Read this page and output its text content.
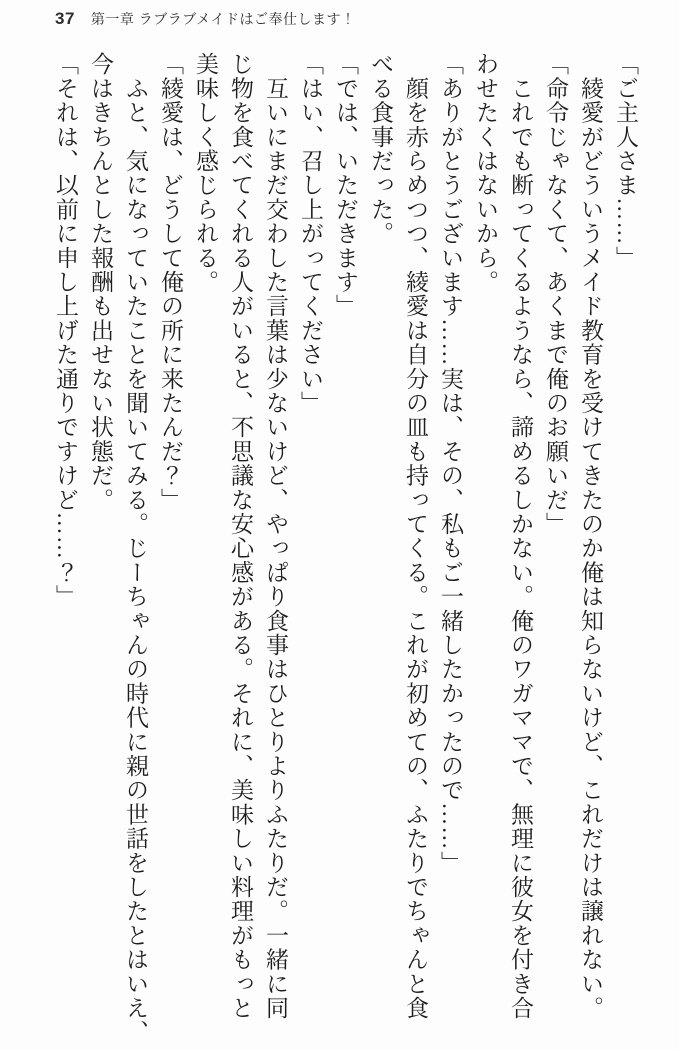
37 第一章 ラブラブメイドはご奉仕します！

「ご主人さま……」

　綾愛がどういうメイド教育を受けてきたのか俺は知らないけど、これだけは譲れない。

「命令じゃなくて、あくまで俺のお願いだ」

　これでも断ってくるようなら、諦めるしかない。俺のワガママで、無理に彼女を付き合

わせたくはないから。

「ありがとうございます……実は、その、私もご一緒したかったので……」

　顔を赤らめつつ、綾愛は自分の皿も持ってくる。これが初めての、ふたりでちゃんと食

べる食事だった。

「では、いただきます」

「はい、召し上がってください」

　互いにまだ交わした言葉は少ないけど、やっぱり食事はひとりよりふたりだ。一緒に同

じ物を食べてくれる人がいると、不思議な安心感がある。それに、美味しい料理がもっと

美味しく感じられる。

「綾愛は、どうして俺の所に来たんだ？」

　ふと、気になっていたことを聞いてみる。じーちゃんの時代に親の世話をしたとはいえ、

今はきちんとした報酬も出せない状態だ。

「それは、以前に申し上げた通りですけど……？」
